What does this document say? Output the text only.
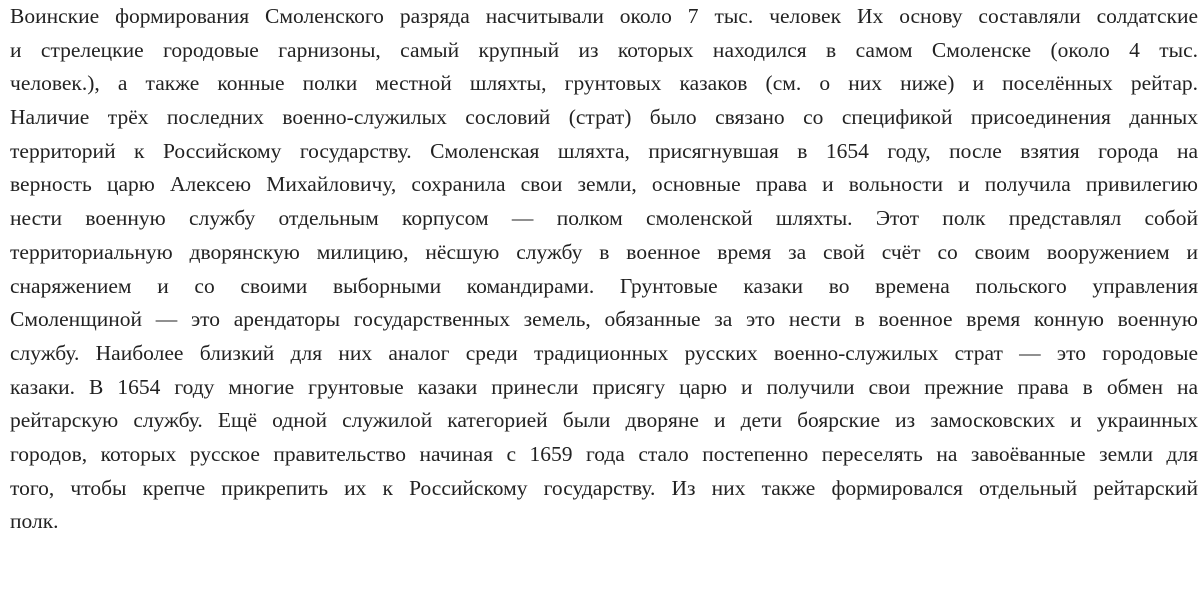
Воинские формирования Смоленского разряда насчитывали около 7 тыс. человек Их основу составляли солдатские
и стрелецкие городовые гарнизоны, самый крупный из которых находился в самом Смоленске (около 4 тыс.
человек.), а также конные полки местной шляхты, грунтовых казаков (см. о них ниже) и поселённых рейтар.
Наличие трёх последних военно-служилых сословий (страт) было связано со спецификой присоединения данных
территорий к Российскому государству. Смоленская шляхта, присягнувшая в 1654 году, после взятия города на
верность царю Алексею Михайловичу, сохранила свои земли, основные права и вольности и получила привилегию
нести военную службу отдельным корпусом — полком смоленской шляхты. Этот полк представлял собой
территориальную дворянскую милицию, нёсшую службу в военное время за свой счёт со своим вооружением и
снаряжением и со своими выборными командирами. Грунтовые казаки во времена польского управления
Смоленщиной — это арендаторы государственных земель, обязанные за это нести в военное время конную военную
службу. Наиболее близкий для них аналог среди традиционных русских военно-служилых страт — это городовые
казаки. В 1654 году многие грунтовые казаки принесли присягу царю и получили свои прежние права в обмен на
рейтарскую службу. Ещё одной служилой категорией были дворяне и дети боярские из замосковских и украинных
городов, которых русское правительство начиная с 1659 года стало постепенно переселять на завоёванные земли для
того, чтобы крепче прикрепить их к Российскому государству. Из них также формировался отдельный рейтарский
полк.
